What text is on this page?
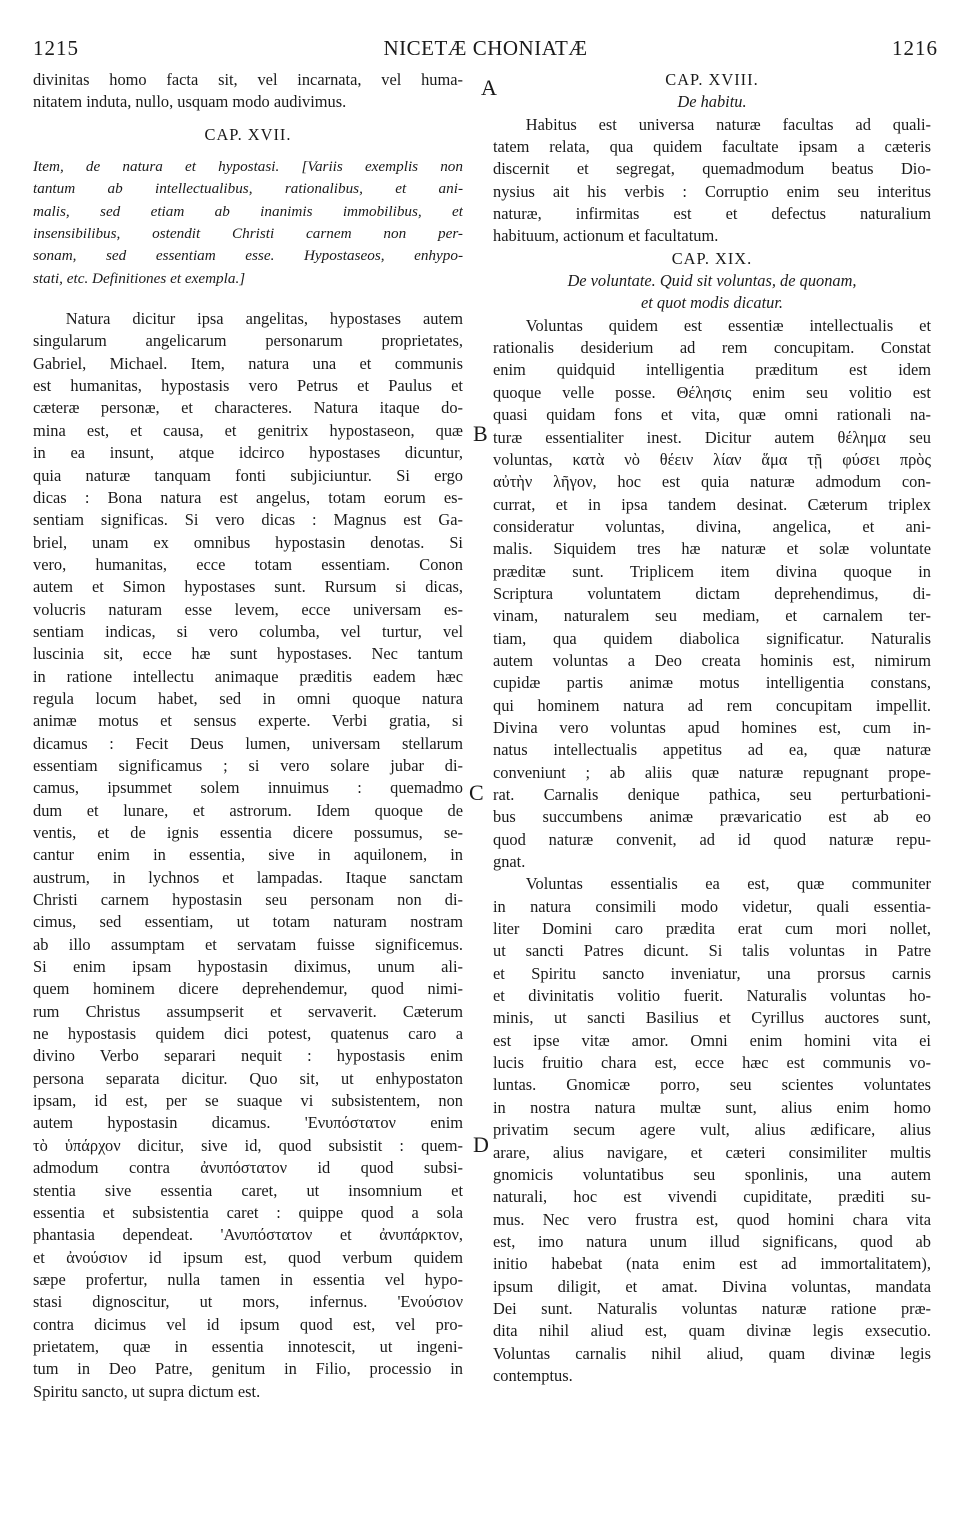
1215	NICETÆ CHONIATÆ	1216
A
B
C
D
divinitas homo facta sit, vel incarnata, vel huma-
nitatem induta, nullo, usquam modo audivimus.
CAP. XVII.
Item, de natura et hypostasi. [Variis exemplis non
tantum ab intellectualibus, rationalibus, et ani-
malis, sed etiam ab inanimis immobilibus, et
insensibilibus, ostendit Christi carnem non per-
sonam, sed essentiam esse. Hypostaseos, enhypo-
stati, etc. Definitiones et exempla.]
Natura dicitur ipsa angelitas, hypostases autem
singularum angelicarum personarum proprietates,
Gabriel, Michael. Item, natura una et communis
est humanitas, hypostasis vero Petrus et Paulus et
cæteræ personæ, et characteres. Natura itaque do-
mina est, et causa, et genitrix hypostaseon, quæ
in ea insunt, atque idcirco hypostases dicuntur,
quia naturæ tanquam fonti subjiciuntur. Si ergo
dicas : Bona natura est angelus, totam eorum es-
sentiam significas. Si vero dicas : Magnus est Ga-
briel, unam ex omnibus hypostasin denotas. Si
vero, humanitas, ecce totam essentiam. Conon
autem et Simon hypostases sunt. Rursum si dicas,
volucris naturam esse levem, ecce universam es-
sentiam indicas, si vero columba, vel turtur, vel
luscinia sit, ecce hæ sunt hypostases. Nec tantum
in ratione intellectu animaque præditis eadem hæc
regula locum habet, sed in omni quoque natura
animæ motus et sensus experte. Verbi gratia, si
dicamus : Fecit Deus lumen, universam stellarum
essentiam significamus ; si vero solare jubar di-
camus, ipsummet solem innuimus : quemadmo
dum et lunare, et astrorum. Idem quoque de
ventis, et de ignis essentia dicere possumus, se-
cantur enim in essentia, sive in aquilonem, in
austrum, in lychnos et lampadas. Itaque sanctam
Christi carnem hypostasin seu personam non di-
cimus, sed essentiam, ut totam naturam nostram
ab illo assumptam et servatam fuisse significemus.
Si enim ipsam hypostasin diximus, unum ali-
quem hominem dicere deprehendemur, quod nimi-
rum Christus assumpserit et servaverit. Cæterum
ne hypostasis quidem dici potest, quatenus caro a
divino Verbo separari nequit : hypostasis enim
persona separata dicitur. Quo sit, ut enhypostaton
ipsam, id est, per se suaque vi subsistentem, non
autem hypostasin dicamus. 'Ενυπόστατον enim
τὸ ὑπάρχον dicitur, sive id, quod subsistit : quem-
admodum contra ἀνυπόστατον id quod subsi-
stentia sive essentia caret, ut insomnium et
essentia et subsistentia caret : quippe quod a sola
phantasia dependeat. 'Ανυπόστατον et ἀνυπάρκτον,
et ἀνούσιον id ipsum est, quod verbum quidem
sæpe profertur, nulla tamen in essentia vel hypo-
stasi dignoscitur, ut mors, infernus. 'Ενούσιον
contra dicimus vel id ipsum quod est, vel pro-
prietatem, quæ in essentia innotescit, ut ingeni-
tum in Deo Patre, genitum in Filio, processio in
Spiritu sancto, ut supra dictum est.
CAP. XVIII.
De habitu.
Habitus est universa naturæ facultas ad quali-
tatem relata, qua quidem facultate ipsam a cæteris
discernit et segregat, quemadmodum beatus Dio-
nysius ait his verbis : Corruptio enim seu interitus
naturæ, infirmitas est et defectus naturalium
habituum, actionum et facultatum.
CAP. XIX.
De voluntate. Quid sit voluntas, de quonam,
et quot modis dicatur.
Voluntas quidem est essentiæ intellectualis et
rationalis desiderium ad rem concupitam. Constat
enim quidquid intelligentia præditum est idem
quoque velle posse. Θέλησις enim seu volitio est
quasi quidam fons et vita, quæ omni rationali na-
turæ essentialiter inest. Dicitur autem θέλημα seu
voluntas, κατὰ νὸ θέειν λίαν ἅμα τῇ φύσει πρὸς
αὐτὴν λῆγον, hoc est quia naturæ admodum con-
currat, et in ipsa tandem desinat. Cæterum triplex
consideratur voluntas, divina, angelica, et ani-
malis. Siquidem tres hæ naturæ et solæ voluntate
præditæ sunt. Triplicem item divina quoque in
Scriptura voluntatem dictam deprehendimus, di-
vinam, naturalem seu mediam, et carnalem ter-
tiam, qua quidem diabolica significatur. Naturalis
autem voluntas a Deo creata hominis est, nimirum
cupidæ partis animæ motus intelligentia constans,
qui hominem natura ad rem concupitam impellit.
Divina vero voluntas apud homines est, cum in-
natus intellectualis appetitus ad ea, quæ naturæ
conveniunt ; ab aliis quæ naturæ repugnant prope-
rat. Carnalis denique pathica, seu perturbationi-
bus succumbens animæ prævaricatio est ab eo
quod naturæ convenit, ad id quod naturæ repu-
gnat.
Voluntas essentialis ea est, quæ communiter
in natura consimili modo videtur, quali essentia-
liter Domini caro prædita erat cum mori nollet,
ut sancti Patres dicunt. Si talis voluntas in Patre
et Spiritu sancto inveniatur, una prorsus carnis
et divinitatis volitio fuerit. Naturalis voluntas ho-
minis, ut sancti Basilius et Cyrillus auctores sunt,
est ipse vitæ amor. Omni enim homini vita ei
lucis fruitio chara est, ecce hæc est communis vo-
luntas. Gnomicæ porro, seu scientes voluntates
in nostra natura multæ sunt, alius enim homo
privatim secum agere vult, alius ædificare, alius
arare, alius navigare, et cæteri consimiliter multis
gnomicis voluntatibus seu sponlinis, una autem
naturali, hoc est vivendi cupiditate, præditi su-
mus. Nec vero frustra est, quod homini chara vita
est, imo natura unum illud significans, quod ab
initio habebat (nata enim est ad immortalitatem),
ipsum diligit, et amat. Divina voluntas, mandata
Dei sunt. Naturalis voluntas naturæ ratione præ-
dita nihil aliud est, quam divinæ legis exsecutio.
Voluntas carnalis nihil aliud, quam divinæ legis
contemptus.
